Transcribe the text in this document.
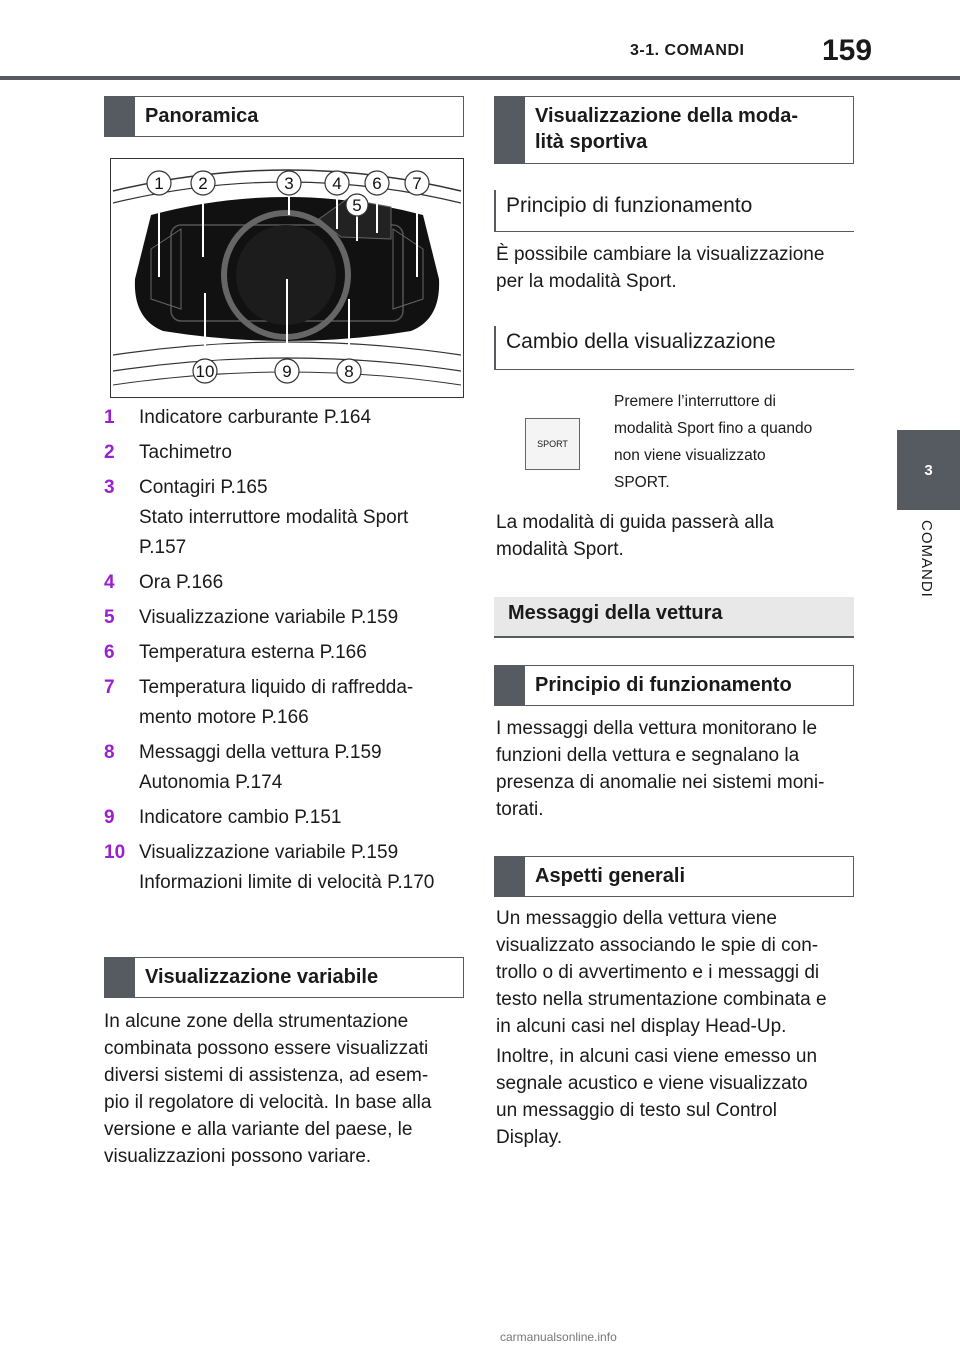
3-1. COMANDI	159
3
COMANDI
Panoramica
1 2	3 4
5
6 7
8
9
10
1	Indicatore carburante P.164
2	Tachimetro
3	Contagiri P.165
Stato interruttore modalità Sport
P.157
4	Ora P.166
5	Visualizzazione variabile P.159
6	Temperatura esterna P.166
7	Temperatura liquido di raffredda-
mento motore P.166
8	Messaggi della vettura P.159
Autonomia P.174
9	Indicatore cambio P.151
10 Visualizzazione variabile P.159
Informazioni limite di velocità P.170
Visualizzazione variabile
In alcune zone della strumentazione
combinata possono essere visualizzati
diversi sistemi di assistenza, ad esem-
pio il regolatore di velocità. In base alla
versione e alla variante del paese, le
visualizzazioni possono variare.
Visualizzazione della moda-
lità sportiva
Principio di funzionamento
È possibile cambiare la visualizzazione
per la modalità Sport.
Cambio della visualizzazione
SPORT
Premere l’interruttore di
modalità Sport fino a quando
non viene visualizzato
SPORT.
La modalità di guida passerà alla
modalità Sport.
Messaggi della vettura
Principio di funzionamento
I messaggi della vettura monitorano le
funzioni della vettura e segnalano la
presenza di anomalie nei sistemi moni-
torati.
Aspetti generali
Un messaggio della vettura viene
visualizzato associando le spie di con-
trollo o di avvertimento e i messaggi di
testo nella strumentazione combinata e
in alcuni casi nel display Head-Up.
Inoltre, in alcuni casi viene emesso un
segnale acustico e viene visualizzato
un messaggio di testo sul Control
Display.
carmanualsonline.info
